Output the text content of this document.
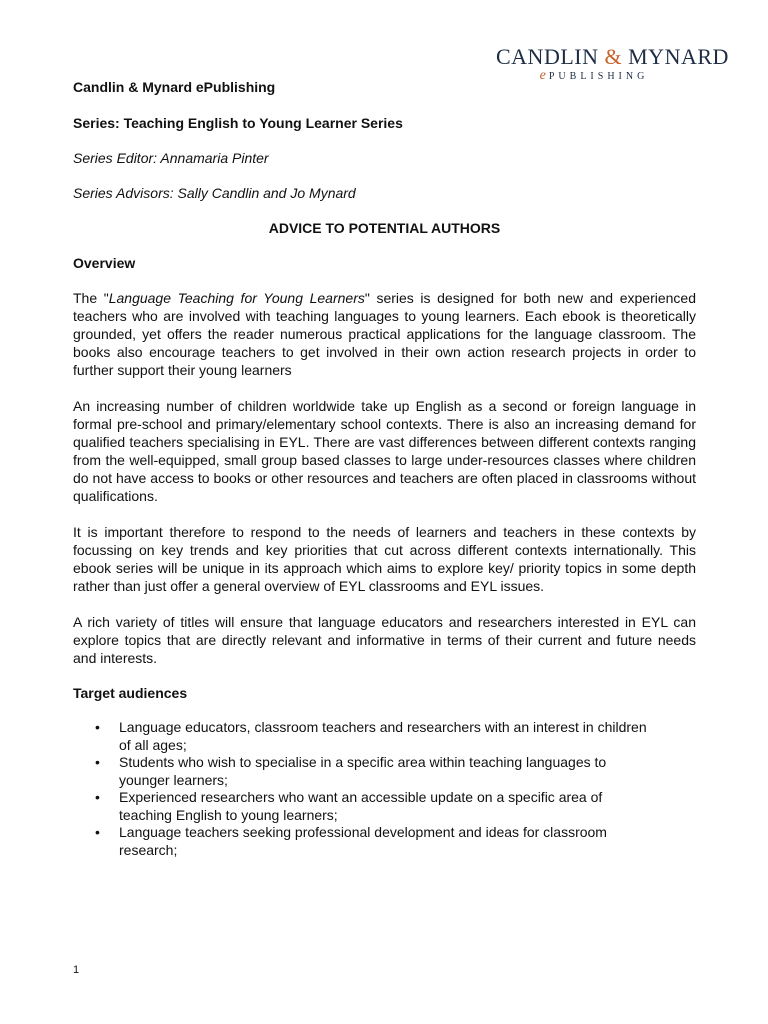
CANDLIN & MYNARD
e PUBLISHING

Candlin & Mynard ePublishing

Series: Teaching English to Young Learner Series

Series Editor: Annamaria Pinter

Series Advisors: Sally Candlin and Jo Mynard

ADVICE TO POTENTIAL AUTHORS

Overview

The "Language Teaching for Young Learners" series is designed for both new and experienced teachers who are involved with teaching languages to young learners. Each ebook is theoretically grounded, yet offers the reader numerous practical applications for the language classroom. The books also encourage teachers to get involved in their own action research projects in order to further support their young learners

An increasing number of children worldwide take up English as a second or foreign language in formal pre-school and primary/elementary school contexts. There is also an increasing demand for qualified teachers specialising in EYL. There are vast differences between different contexts ranging from the well-equipped, small group based classes to large under-resources classes where children do not have access to books or other resources and teachers are often placed in classrooms without qualifications.

It is important therefore to respond to the needs of learners and teachers in these contexts by focussing on key trends and key priorities that cut across different contexts internationally. This ebook series will be unique in its approach which aims to explore key/ priority topics in some depth rather than just offer a general overview of EYL classrooms and EYL issues.

A rich variety of titles will ensure that language educators and researchers interested in EYL can explore topics that are directly relevant and informative in terms of their current and future needs and interests.

Target audiences

• Language educators, classroom teachers and researchers with an interest in children of all ages;
• Students who wish to specialise in a specific area within teaching languages to younger learners;
• Experienced researchers who want an accessible update on a specific area of teaching English to young learners;
• Language teachers seeking professional development and ideas for classroom research;
1
